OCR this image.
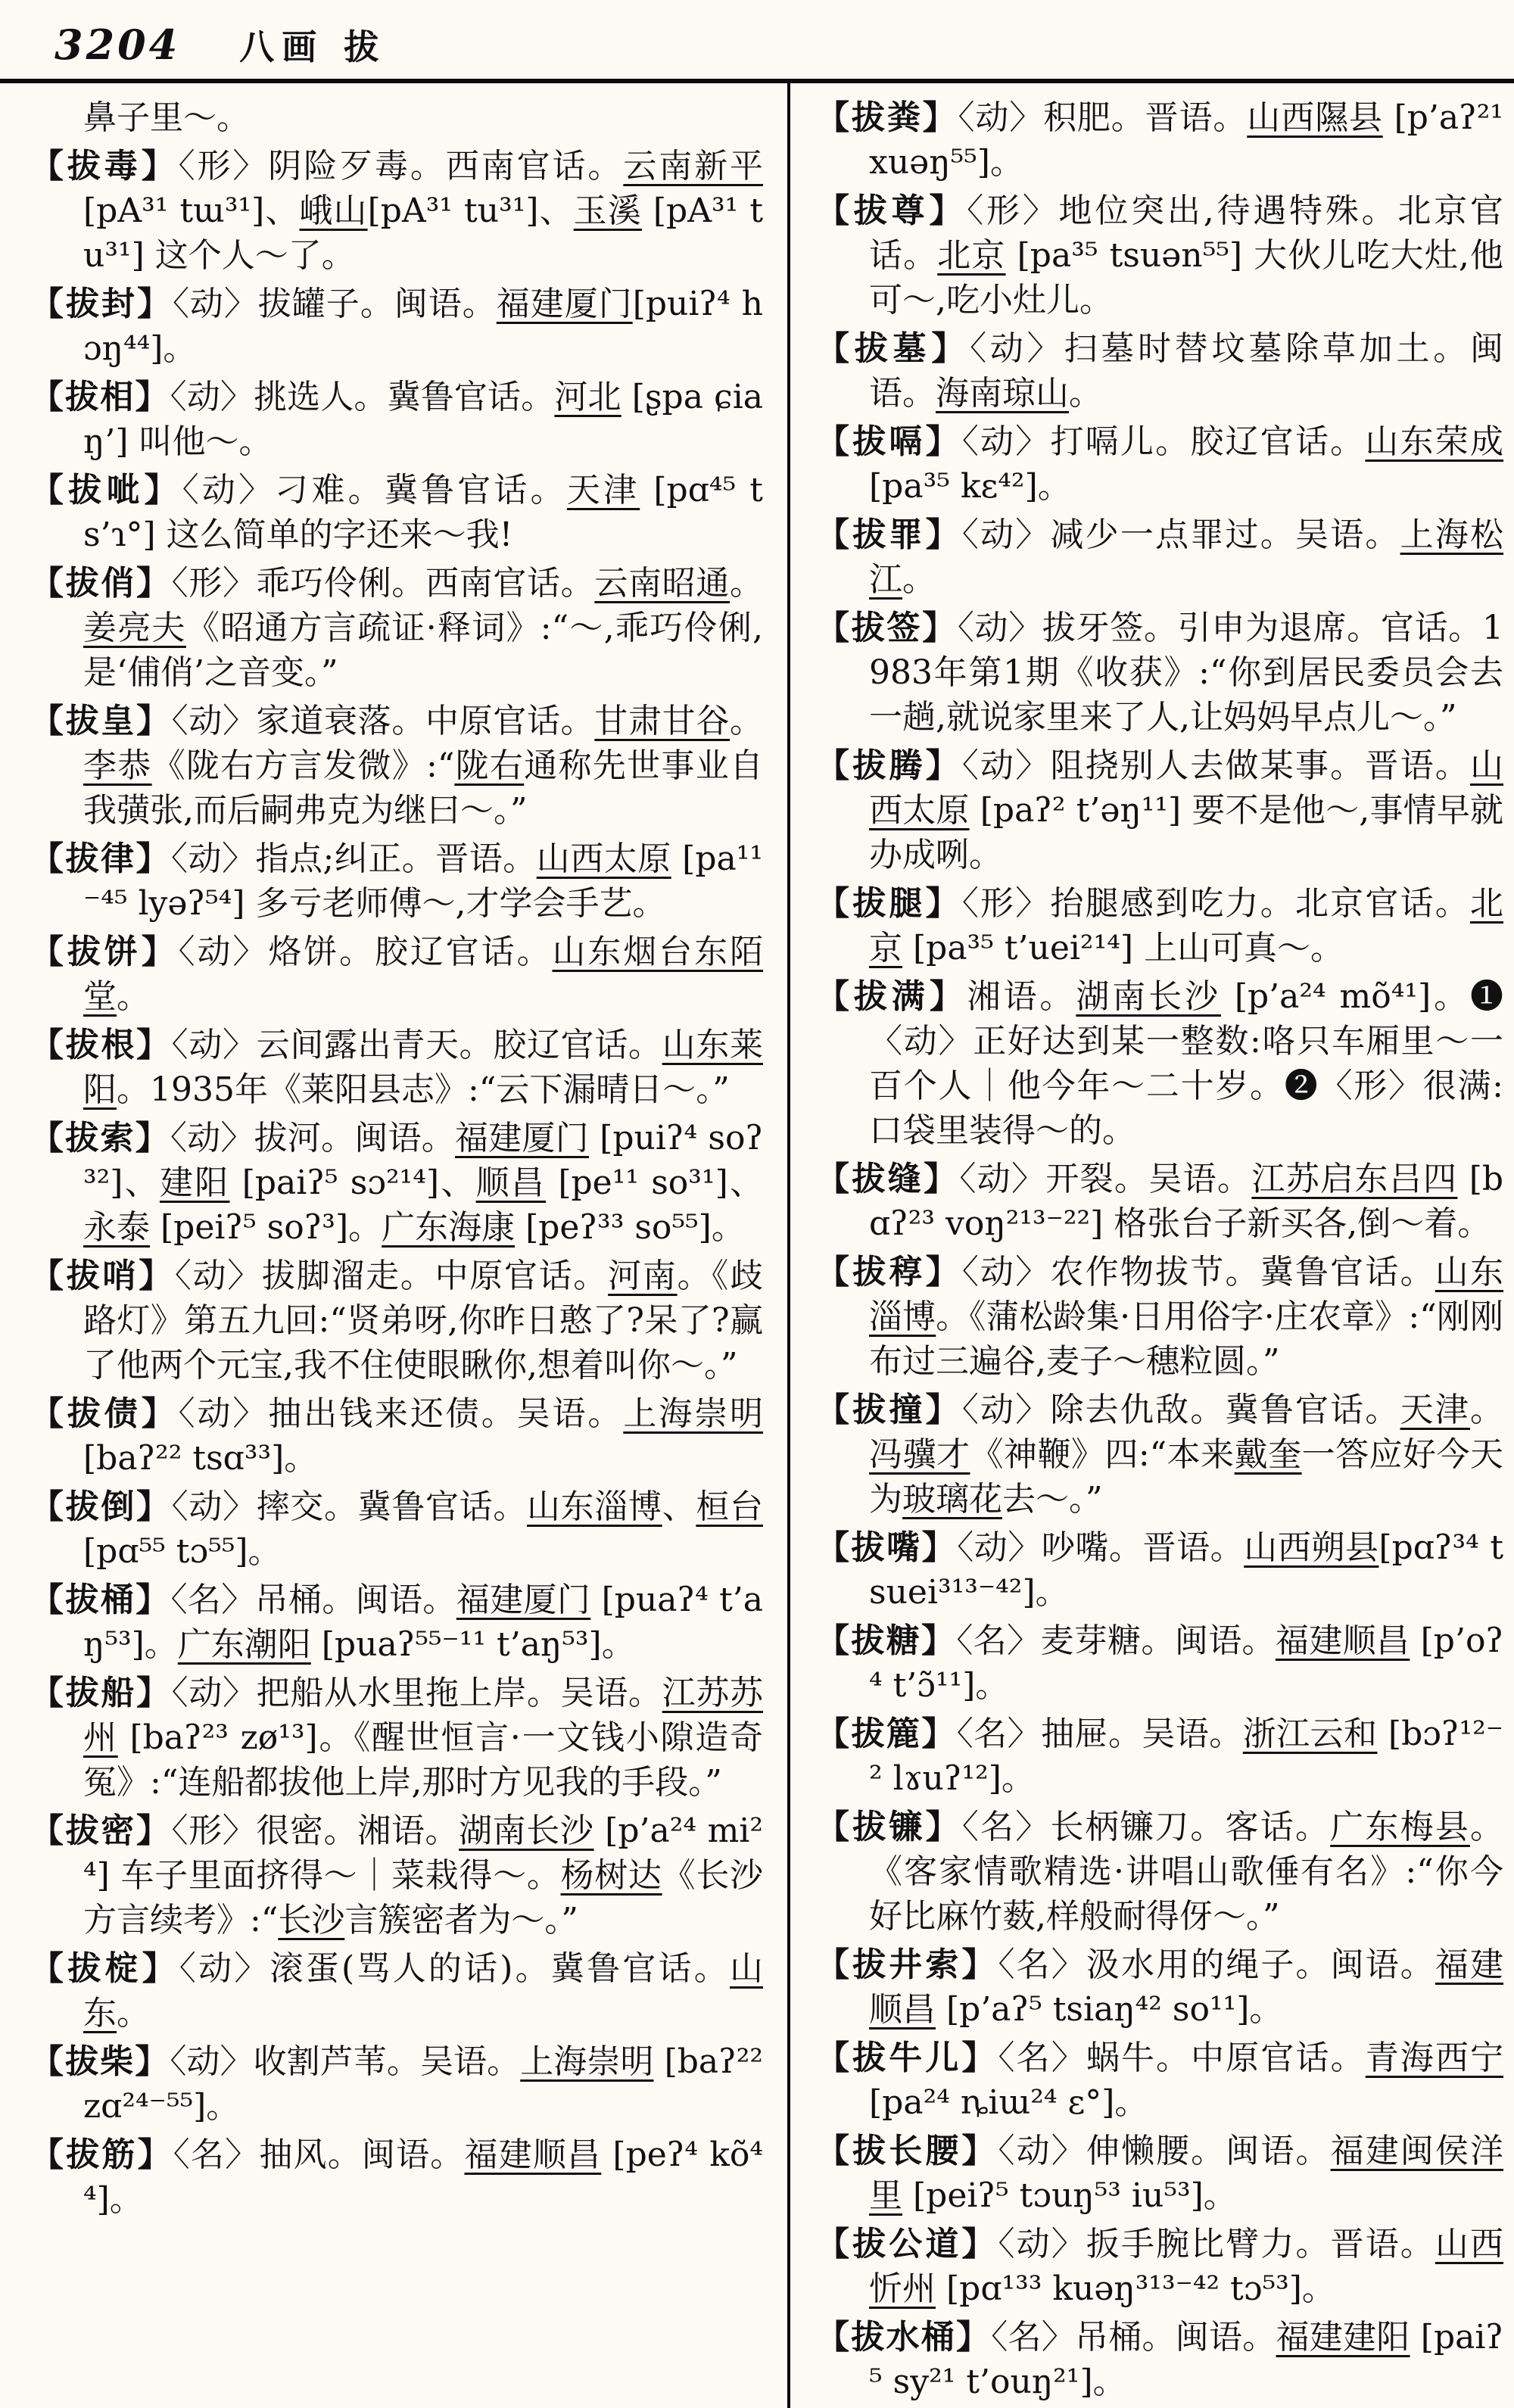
3204 八画 拔

鼻子里～。

【拔毒】〈形〉阴险歹毒。西南官话。云南新平 [pA³¹ tɯ³¹]、峨山[pA³¹ tu³¹]、玉溪 [pA³¹ tu³¹] 这个人～了。

【拔封】〈动〉拔罐子。闽语。福建厦门[puiʔ⁴ hɔŋ⁴⁴]。

【拔相】〈动〉挑选人。冀鲁官话。河北 [ʂpa ɕiaŋ’] 叫他～。

【拔呲】〈动〉刁难。冀鲁官话。天津 [pɑ⁴⁵ ts’ɿ°] 这么简单的字还来～我!

【拔俏】〈形〉乖巧伶俐。西南官话。云南昭通。姜亮夫《昭通方言疏证·释词》:“～,乖巧伶俐,是‘俌俏’之音变。”

【拔皇】〈动〉家道衰落。中原官话。甘肃甘谷。李恭《陇右方言发微》:“陇右通称先世事业自我彉张,而后嗣弗克为继曰～。”

【拔律】〈动〉指点;纠正。晋语。山西太原 [pa¹¹⁻⁴⁵ lyəʔ⁵⁴] 多亏老师傅～,才学会手艺。

【拔饼】〈动〉烙饼。胶辽官话。山东烟台东陌堂。

【拔根】〈动〉云间露出青天。胶辽官话。山东莱阳。1935年《莱阳县志》:“云下漏晴日～。”

【拔索】〈动〉拔河。闽语。福建厦门 [puiʔ⁴ soʔ³²]、建阳 [paiʔ⁵ sɔ²¹⁴]、顺昌 [pe¹¹ so³¹]、永泰 [peiʔ⁵ soʔ³]。广东海康 [peʔ³³ so⁵⁵]。

【拔哨】〈动〉拔脚溜走。中原官话。河南。《歧路灯》第五九回:“贤弟呀,你昨日憨了?呆了?赢了他两个元宝,我不住使眼瞅你,想着叫你～。”

【拔债】〈动〉抽出钱来还债。吴语。上海崇明 [baʔ²² tsɑ³³]。

【拔倒】〈动〉摔交。冀鲁官话。山东淄博、桓台 [pɑ⁵⁵ tɔ⁵⁵]。

【拔桶】〈名〉吊桶。闽语。福建厦门 [puaʔ⁴ t’aŋ⁵³]。广东潮阳 [puaʔ⁵⁵⁻¹¹ t’aŋ⁵³]。

【拔船】〈动〉把船从水里拖上岸。吴语。江苏苏州 [baʔ²³ zø¹³]。《醒世恒言·一文钱小隙造奇冤》:“连船都拔他上岸,那时方见我的手段。”

【拔密】〈形〉很密。湘语。湖南长沙 [p’a²⁴ mi²⁴] 车子里面挤得～｜菜栽得～。杨树达《长沙方言续考》:“长沙言簇密者为～。”

【拔椗】〈动〉滚蛋(骂人的话)。冀鲁官话。山东。

【拔柴】〈动〉收割芦苇。吴语。上海崇明 [baʔ²² zɑ²⁴⁻⁵⁵]。

【拔筋】〈名〉抽风。闽语。福建顺昌 [peʔ⁴ kõ⁴⁴]。

【拔粪】〈动〉积肥。晋语。山西隰县 [p’aʔ²¹ xuəŋ⁵⁵]。

【拔尊】〈形〉地位突出,待遇特殊。北京官话。北京 [pa³⁵ tsuən⁵⁵] 大伙儿吃大灶,他可～,吃小灶儿。

【拔墓】〈动〉扫墓时替坟墓除草加土。闽语。海南琼山。

【拔嗝】〈动〉打嗝儿。胶辽官话。山东荣成 [pa³⁵ kɛ⁴²]。

【拔罪】〈动〉减少一点罪过。吴语。上海松江。

【拔签】〈动〉拔牙签。引申为退席。官话。1983年第1期《收获》:“你到居民委员会去一趟,就说家里来了人,让妈妈早点儿～。”

【拔腾】〈动〉阻挠别人去做某事。晋语。山西太原 [paʔ² t’əŋ¹¹] 要不是他～,事情早就办成咧。

【拔腿】〈形〉抬腿感到吃力。北京官话。北京 [pa³⁵ t’uei²¹⁴] 上山可真～。

【拔满】湘语。湖南长沙 [p’a²⁴ mõ⁴¹]。❶〈动〉正好达到某一整数:咯只车厢里～一百个人｜他今年～二十岁。❷〈形〉很满:口袋里装得～的。

【拔缝】〈动〉开裂。吴语。江苏启东吕四 [bɑʔ²³ voŋ²¹³⁻²²] 格张台子新买各,倒～着。

【拔稕】〈动〉农作物拔节。冀鲁官话。山东淄博。《蒲松龄集·日用俗字·庄农章》:“刚刚布过三遍谷,麦子～穗粒圆。”

【拔撞】〈动〉除去仇敌。冀鲁官话。天津。冯骥才《神鞭》四:“本来戴奎一答应好今天为玻璃花去～。”

【拔嘴】〈动〉吵嘴。晋语。山西朔县[pɑʔ³⁴ tsuei³¹³⁻⁴²]。

【拔糖】〈名〉麦芽糖。闽语。福建顺昌 [p’oʔ⁴ t’ɔ̃¹¹]。

【拔簏】〈名〉抽屉。吴语。浙江云和 [bɔʔ¹²⁻² lɤuʔ¹²]。

【拔镰】〈名〉长柄镰刀。客话。广东梅县。《客家情歌精选·讲唱山歌倕有名》:“你今好比麻竹薮,样般耐得伢～。”

【拔井索】〈名〉汲水用的绳子。闽语。福建顺昌 [p’aʔ⁵ tsiaŋ⁴² so¹¹]。

【拔牛儿】〈名〉蜗牛。中原官话。青海西宁 [pa²⁴ ȵiɯ²⁴ ɛ°]。

【拔长腰】〈动〉伸懒腰。闽语。福建闽侯洋里 [peiʔ⁵ tɔuŋ⁵³ iu⁵³]。

【拔公道】〈动〉扳手腕比臂力。晋语。山西忻州 [pɑ¹³³ kuəŋ³¹³⁻⁴² tɔ⁵³]。

【拔水桶】〈名〉吊桶。闽语。福建建阳 [paiʔ⁵ sy²¹ t’ouŋ²¹]。
